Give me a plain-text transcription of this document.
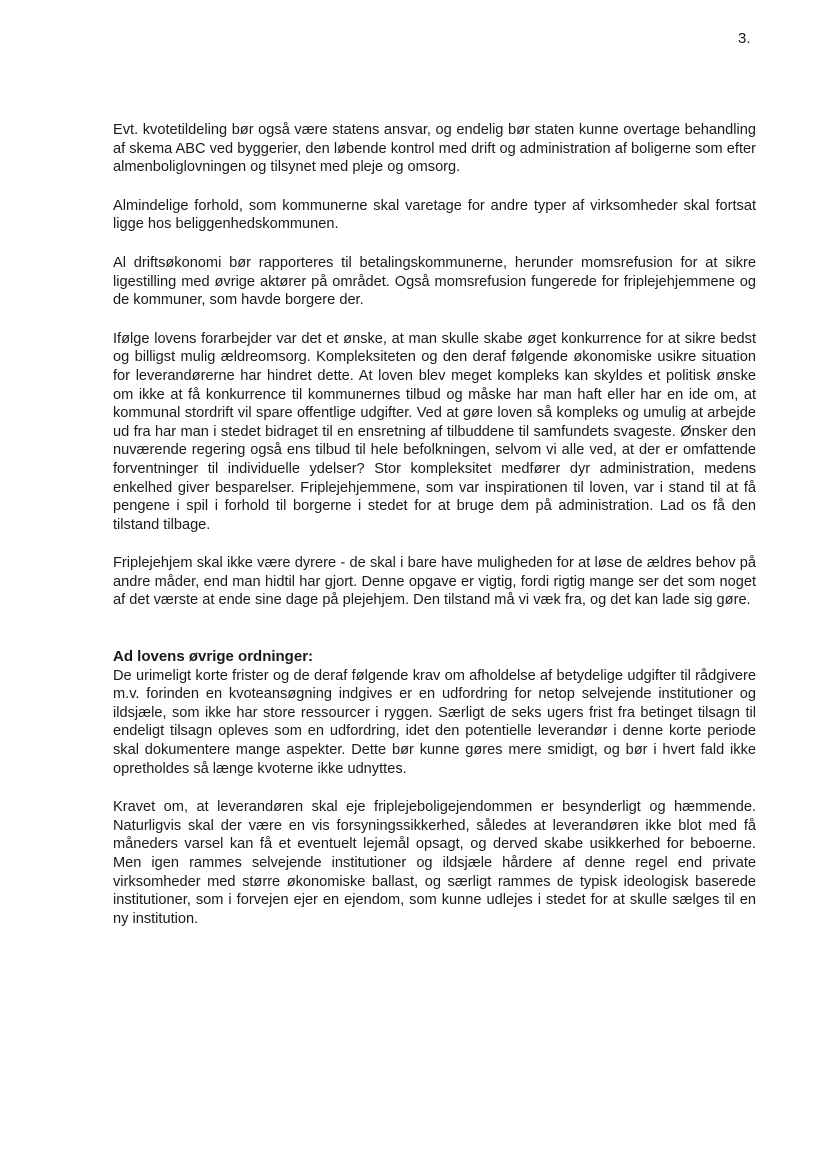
3.

Evt. kvotetildeling bør også være statens ansvar, og endelig bør staten kunne overtage behandling af skema ABC ved byggerier, den løbende kontrol med drift og administration af boligerne som efter almenboliglovningen og tilsynet med pleje og omsorg.

Almindelige forhold, som kommunerne skal varetage for andre typer af virksomheder skal fortsat ligge hos beliggenhedskommunen.

Al driftsøkonomi bør rapporteres til betalingskommunerne, herunder momsrefusion for at sikre ligestilling med øvrige aktører på området. Også momsrefusion fungerede for friplejehjemmene og de kommuner, som havde borgere der.

Ifølge lovens forarbejder var det et ønske, at man skulle skabe øget konkurrence for at sikre bedst og billigst mulig ældreomsorg. Kompleksiteten og den deraf følgende økonomiske usikre situation for leverandørerne har hindret dette. At loven blev meget kompleks kan skyldes et politisk ønske om ikke at få konkurrence til kommunernes tilbud og måske har man haft eller har en ide om, at kommunal stordrift vil spare offentlige udgifter. Ved at gøre loven så kompleks og umulig at arbejde ud fra har man i stedet bidraget til en ensretning af tilbuddene til samfundets svageste. Ønsker den nuværende regering også ens tilbud til hele befolkningen, selvom vi alle ved, at der er omfattende forventninger til individuelle ydelser? Stor kompleksitet medfører dyr administration, medens enkelhed giver besparelser. Friplejehjemmene, som var inspirationen til loven, var i stand til at få pengene i spil i forhold til borgerne i stedet for at bruge dem på administration. Lad os få den tilstand tilbage.

Friplejehjem skal ikke være dyrere - de skal i bare have muligheden for at løse de ældres behov på andre måder, end man hidtil har gjort. Denne opgave er vigtig, fordi rigtig mange ser det som noget af det værste at ende sine dage på plejehjem. Den tilstand må vi væk fra, og det kan lade sig gøre.

Ad lovens øvrige ordninger:

De urimeligt korte frister og de deraf følgende krav om afholdelse af betydelige udgifter til rådgivere m.v. forinden en kvoteansøgning indgives er en udfordring for netop selvejende institutioner og ildsjæle, som ikke har store ressourcer i ryggen. Særligt de seks ugers frist fra betinget tilsagn til endeligt tilsagn opleves som en udfordring, idet den potentielle leverandør i denne korte periode skal dokumentere mange aspekter. Dette bør kunne gøres mere smidigt, og bør i hvert fald ikke opretholdes så længe kvoterne ikke udnyttes.

Kravet om, at leverandøren skal eje friplejeboligejendommen er besynderligt og hæmmende. Naturligvis skal der være en vis forsyningssikkerhed, således at leverandøren ikke blot med få måneders varsel kan få et eventuelt lejemål opsagt, og derved skabe usikkerhed for beboerne. Men igen rammes selvejende institutioner og ildsjæle hårdere af denne regel end private virksomheder med større økonomiske ballast, og særligt rammes de typisk ideologisk baserede institutioner, som i forvejen ejer en ejendom, som kunne udlejes i stedet for at skulle sælges til en ny institution.
